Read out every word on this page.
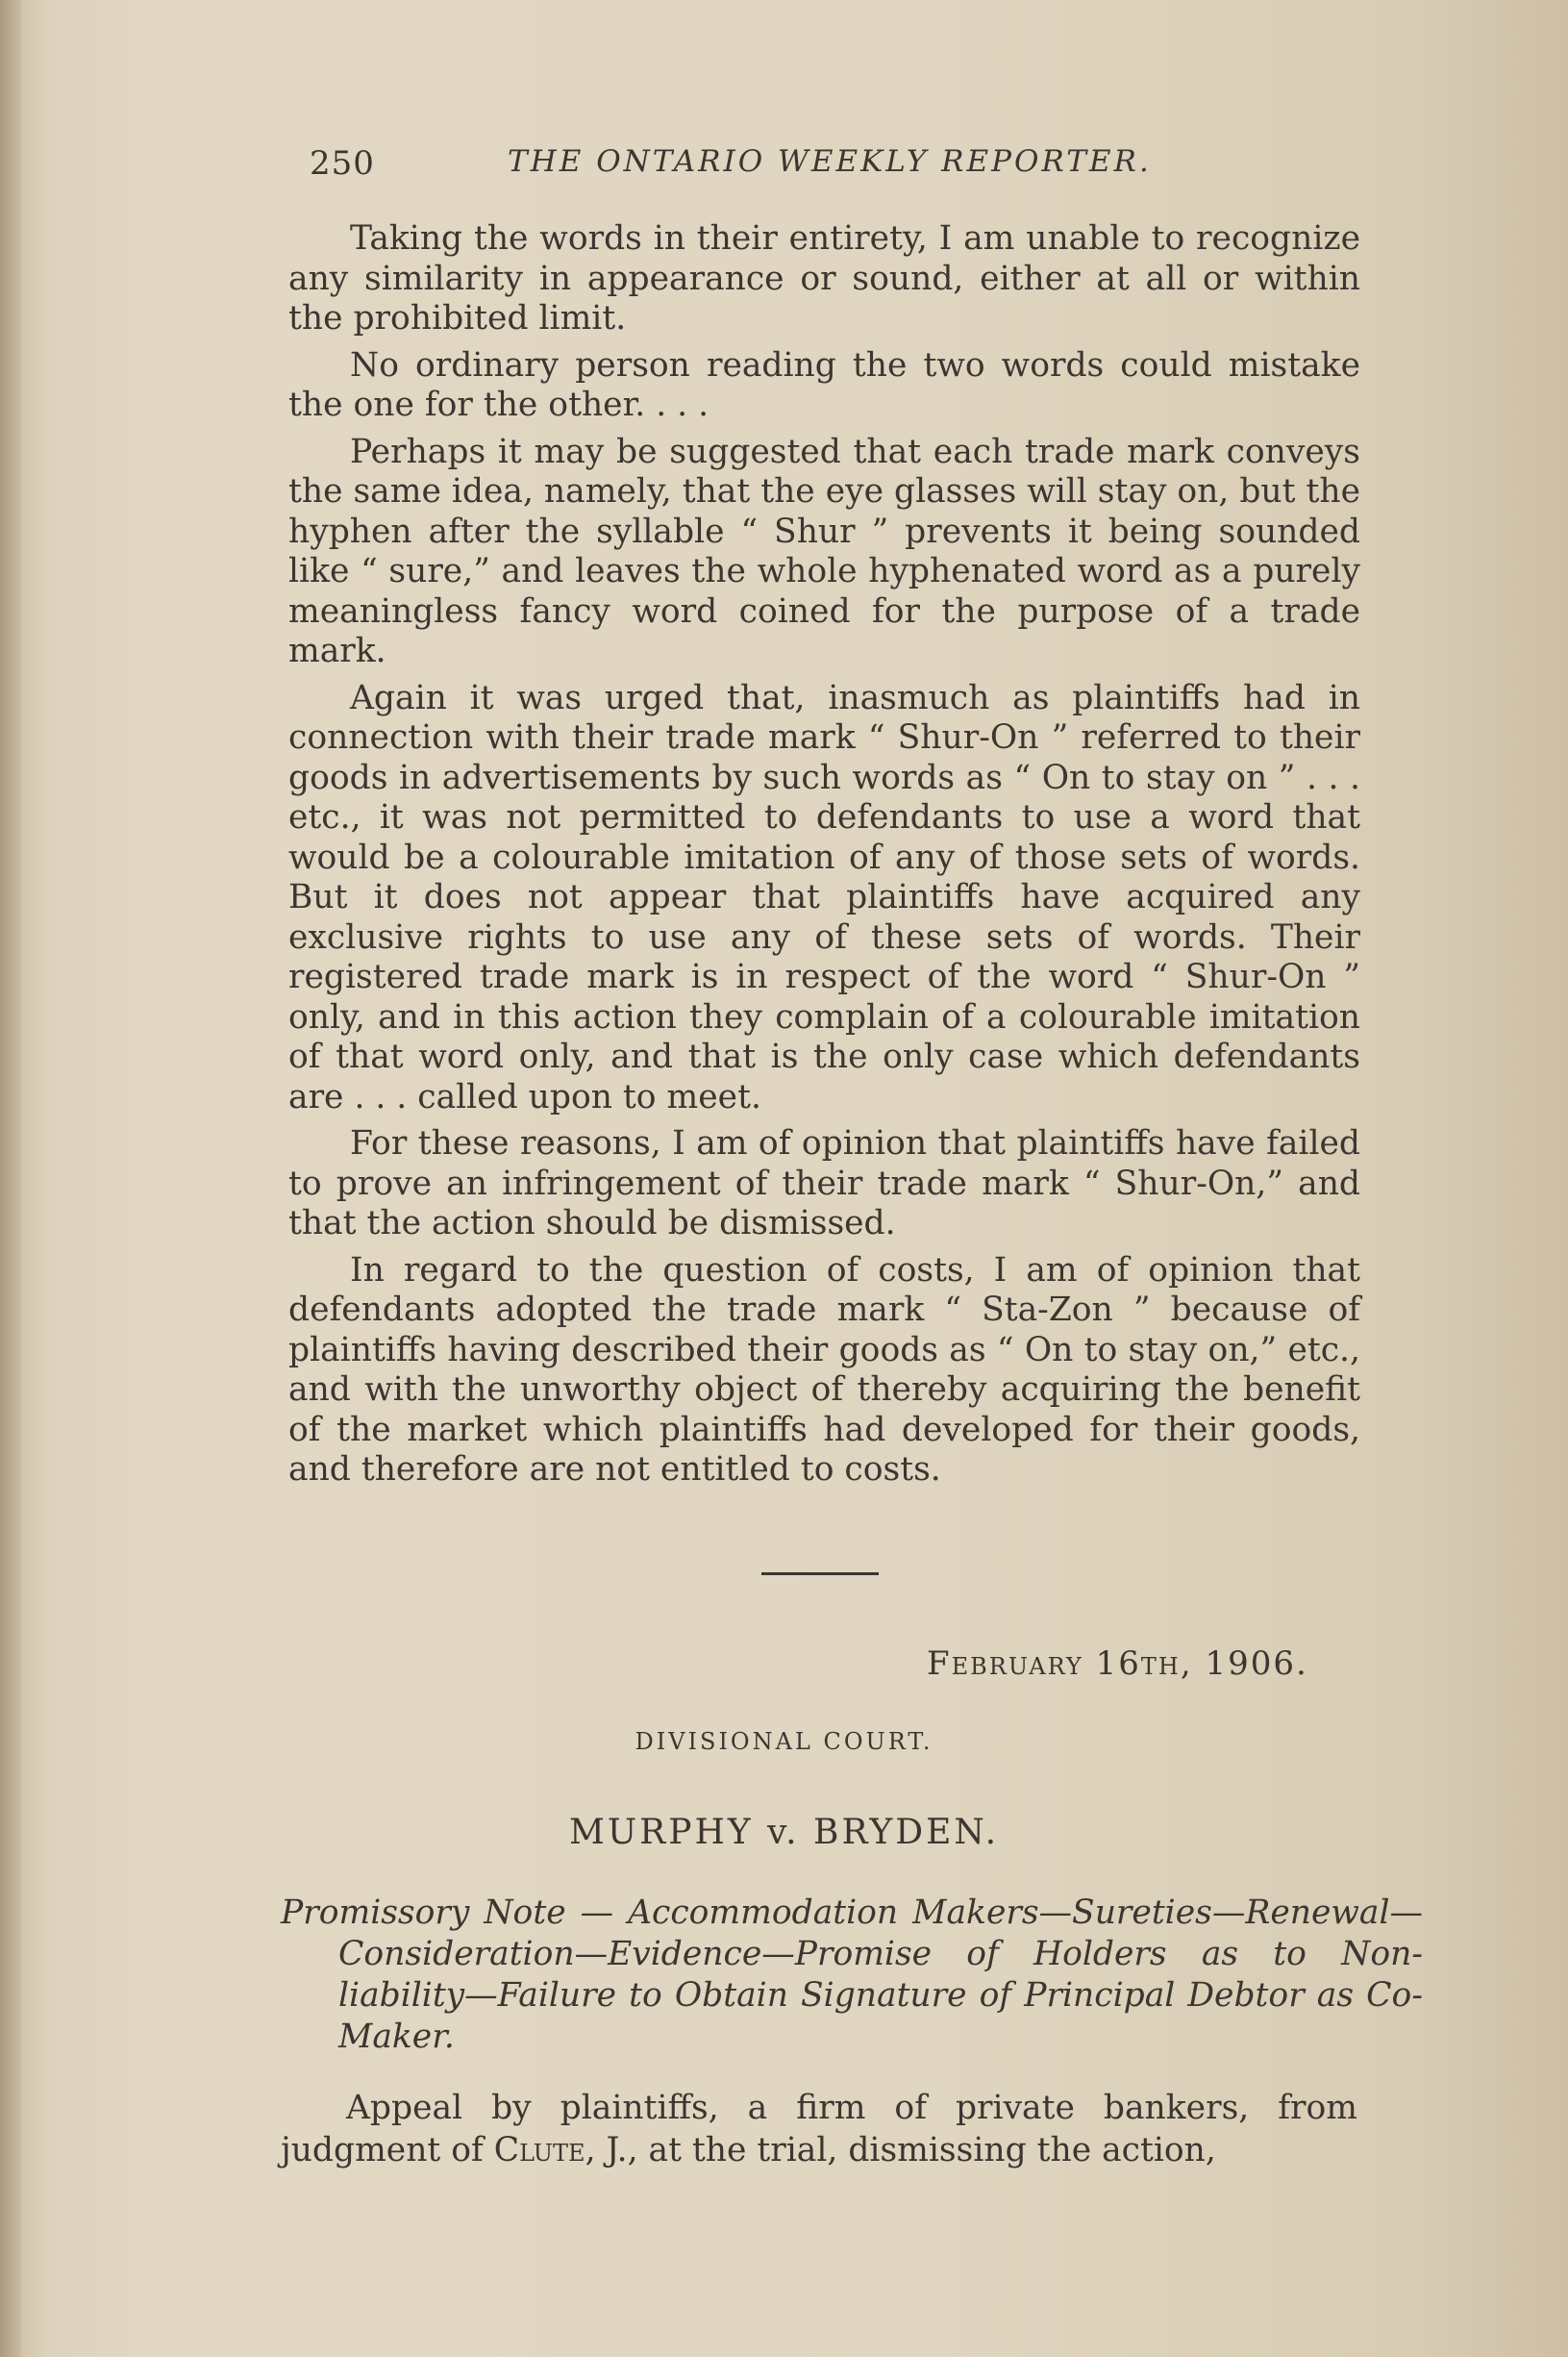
250	THE ONTARIO WEEKLY REPORTER.

Taking the words in their entirety, I am unable to recognize any similarity in appearance or sound, either at all or within the prohibited limit.

No ordinary person reading the two words could mistake the one for the other. . . .

Perhaps it may be suggested that each trade mark conveys the same idea, namely, that the eye glasses will stay on, but the hyphen after the syllable “ Shur ” prevents it being sounded like “ sure,” and leaves the whole hyphenated word as a purely meaningless fancy word coined for the purpose of a trade mark.

Again it was urged that, inasmuch as plaintiffs had in connection with their trade mark “ Shur-On ” referred to their goods in advertisements by such words as “ On to stay on ” . . . etc., it was not permitted to defendants to use a word that would be a colourable imitation of any of those sets of words. But it does not appear that plaintiffs have acquired any exclusive rights to use any of these sets of words. Their registered trade mark is in respect of the word “ Shur-On ” only, and in this action they complain of a colourable imitation of that word only, and that is the only case which defendants are . . . called upon to meet.

For these reasons, I am of opinion that plaintiffs have failed to prove an infringement of their trade mark “ Shur-On,” and that the action should be dismissed.

In regard to the question of costs, I am of opinion that defendants adopted the trade mark “ Sta-Zon ” because of plaintiffs having described their goods as “ On to stay on,” etc., and with the unworthy object of thereby acquiring the benefit of the market which plaintiffs had developed for their goods, and therefore are not entitled to costs.

February 16th, 1906.
DIVISIONAL COURT.
MURPHY v. BRYDEN.
Promissory Note — Accommodation Makers—Sureties—Renewal—Consideration—Evidence—Promise of Holders as to Non-liability—Failure to Obtain Signature of Principal Debtor as Co-Maker.

Appeal by plaintiffs, a firm of private bankers, from judgment of Clute, J., at the trial, dismissing the action,
